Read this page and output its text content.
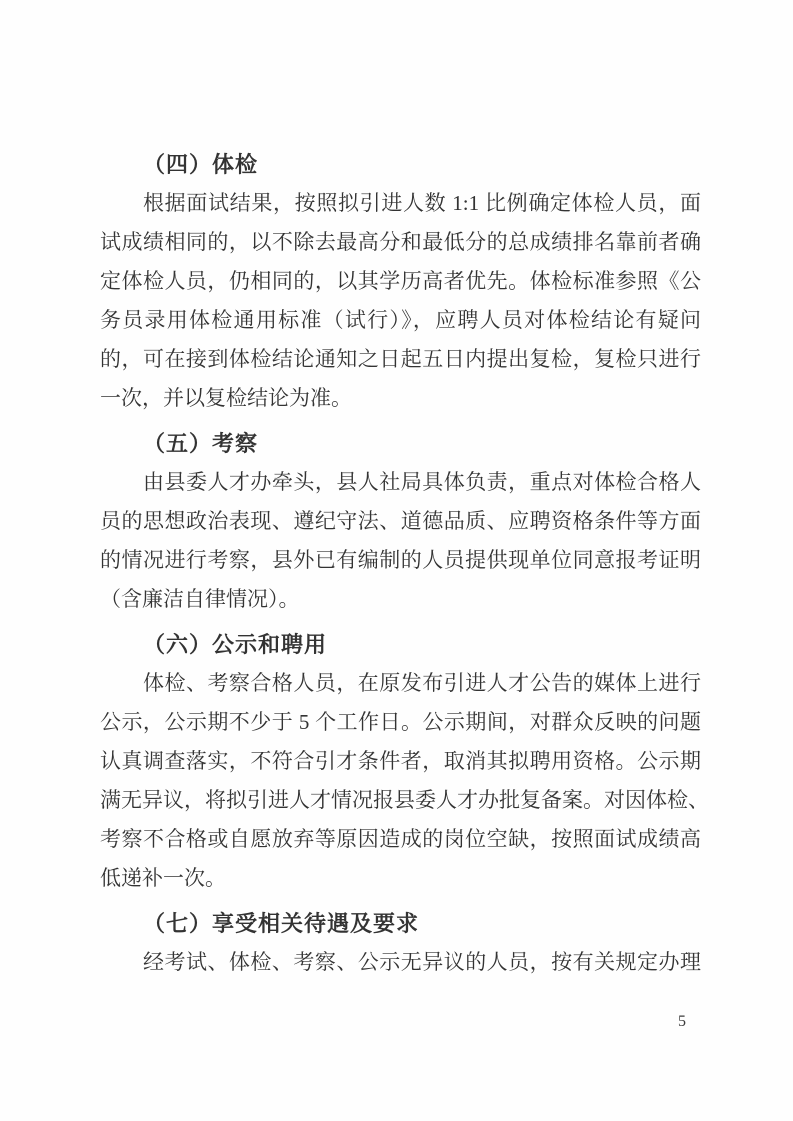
（四）体检
根据面试结果，按照拟引进人数 1:1 比例确定体检人员，面
试成绩相同的，以不除去最高分和最低分的总成绩排名靠前者确
定体检人员，仍相同的，以其学历高者优先。体检标准参照《公
务员录用体检通用标准（试行）》，应聘人员对体检结论有疑问
的，可在接到体检结论通知之日起五日内提出复检，复检只进行
一次，并以复检结论为准。
（五）考察
由县委人才办牵头，县人社局具体负责，重点对体检合格人
员的思想政治表现、遵纪守法、道德品质、应聘资格条件等方面
的情况进行考察，县外已有编制的人员提供现单位同意报考证明
（含廉洁自律情况）。
（六）公示和聘用
体检、考察合格人员，在原发布引进人才公告的媒体上进行
公示，公示期不少于 5 个工作日。公示期间，对群众反映的问题
认真调查落实，不符合引才条件者，取消其拟聘用资格。公示期
满无异议，将拟引进人才情况报县委人才办批复备案。对因体检、
考察不合格或自愿放弃等原因造成的岗位空缺，按照面试成绩高
低递补一次。
（七）享受相关待遇及要求
经考试、体检、考察、公示无异议的人员，按有关规定办理
5
